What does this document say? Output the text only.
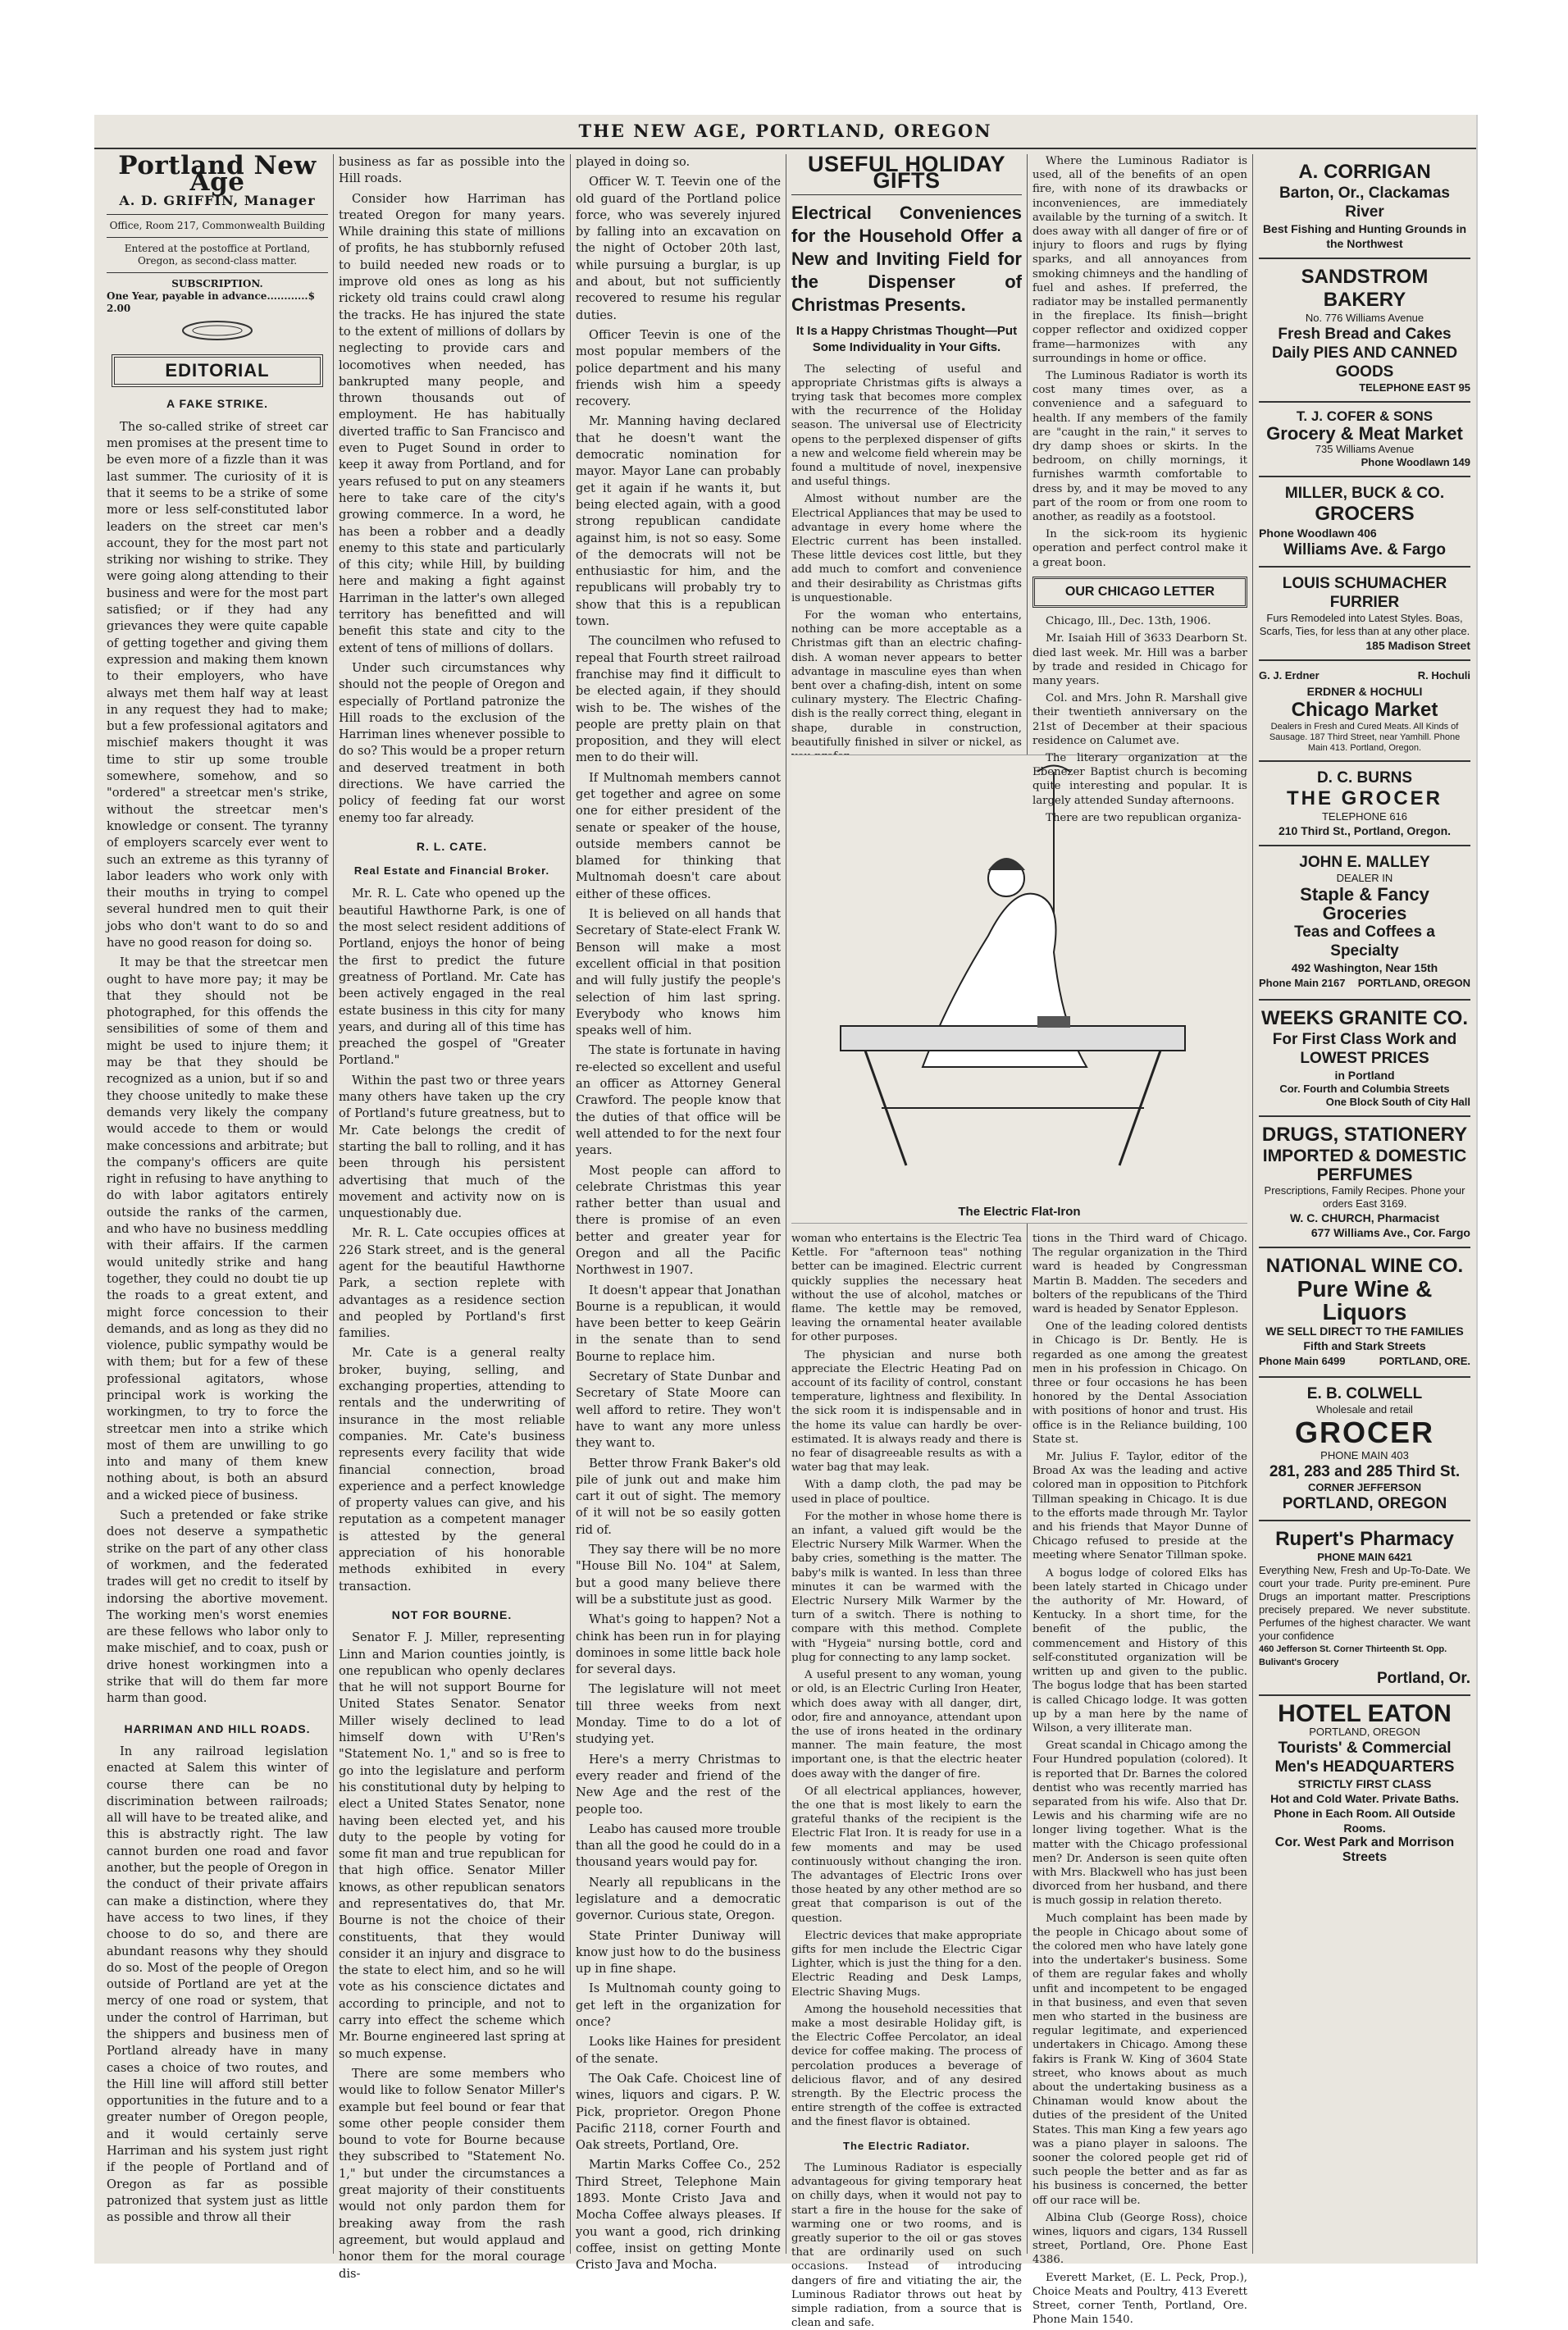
THE NEW AGE, PORTLAND, OREGON
Portland New Age
A. D. GRIFFIN, Manager
Office, Room 217, Commonwealth Building
Entered at the postoffice at Portland, Oregon, as second-class matter.
SUBSCRIPTION.
One Year, payable in advance............$ 2.00
EDITORIAL
A FAKE STRIKE.

The so-called strike of street car men promises at the present time to be even more of a fizzle than it was last summer. The curiosity of it is that it seems to be a strike of some more or less self-constituted labor leaders on the street car men's account, they for the most part not striking nor wishing to strike. They were going along attending to their business and were for the most part satisfied; or if they had any grievances they were quite capable of getting together and giving them expression and making them known to their employers, who have always met them half way at least in any request they had to make; but a few professional agitators and mischief makers thought it was time to stir up some trouble somewhere, somehow, and so "ordered" a streetcar men's strike, without the streetcar men's knowledge or consent. The tyranny of employers scarcely ever went to such an extreme as this tyranny of labor leaders who work only with their mouths in trying to compel several hundred men to quit their jobs who don't want to do so and have no good reason for doing so.

It may be that the streetcar men ought to have more pay; it may be that they should not be photographed, for this offends the sensibilities of some of them and might be used to injure them; it may be that they should be recognized as a union, but if so and they choose unitedly to make these demands very likely the company would accede to them or would make concessions and arbitrate; but the company's officers are quite right in refusing to have anything to do with labor agitators entirely outside the ranks of the carmen, and who have no business meddling with their affairs. If the carmen would unitedly strike and hang together, they could no doubt tie up the roads to a great extent, and might force concession to their demands, and as long as they did no violence, public sympathy would be with them; but for a few of these professional agitators, whose principal work is working the workingmen, to try to force the streetcar men into a strike which most of them are unwilling to go into and many of them knew nothing about, is both an absurd and a wicked piece of business.

Such a pretended or fake strike does not deserve a sympathetic strike on the part of any other class of workmen, and the federated trades will get no credit to itself by indorsing the abortive movement. The working men's worst enemies are these fellows who labor only to make mischief, and to coax, push or drive honest workingmen into a strike that will do them far more harm than good.

HARRIMAN AND HILL ROADS.

In any railroad legislation enacted at Salem this winter of course there can be no discrimination between railroads; all will have to be treated alike, and this is abstractly right. The law cannot burden one road and favor another, but the people of Oregon in the conduct of their private affairs can make a distinction, where they have access to two lines, if they choose to do so, and there are abundant reasons why they should do so. Most of the people of Oregon outside of Portland are yet at the mercy of one road or system, that under the control of Harriman, but the shippers and business men of Portland already have in many cases a choice of two routes, and the Hill line will afford still better opportunities in the future and to a greater number of Oregon people, and it would certainly serve Harriman and his system just right if the people of Portland and of Oregon as far as possible patronized that system just as little as possible and throw all their

business as far as possible into the Hill roads.

Consider how Harriman has treated Oregon for many years. While draining this state of millions of profits, he has stubbornly refused to build needed new roads or to improve old ones as long as his rickety old trains could crawl along the tracks. He has injured the state to the extent of millions of dollars by neglecting to provide cars and locomotives when needed, has bankrupted many people, and thrown thousands out of employment. He has habitually diverted traffic to San Francisco and even to Puget Sound in order to keep it away from Portland, and for years refused to put on any steamers here to take care of the city's growing commerce. In a word, he has been a robber and a deadly enemy to this state and particularly of this city; while Hill, by building here and making a fight against Harriman in the latter's own alleged territory has benefitted and will benefit this state and city to the extent of tens of millions of dollars.

Under such circumstances why should not the people of Oregon and especially of Portland patronize the Hill roads to the exclusion of the Harriman lines whenever possible to do so? This would be a proper return and deserved treatment in both directions. We have carried the policy of feeding fat our worst enemy too far already.

R. L. CATE.
Real Estate and Financial Broker.

Mr. R. L. Cate who opened up the beautiful Hawthorne Park, is one of the most select resident additions of Portland, enjoys the honor of being the first to predict the future greatness of Portland. Mr. Cate has been actively engaged in the real estate business in this city for many years, and during all of this time has preached the gospel of "Greater Portland."

Within the past two or three years many others have taken up the cry of Portland's future greatness, but to Mr. Cate belongs the credit of starting the ball to rolling, and it has been through his persistent advertising that much of the movement and activity now on is unquestionably due.

Mr. R. L. Cate occupies offices at 226 Stark street, and is the general agent for the beautiful Hawthorne Park, a section replete with advantages as a residence section and peopled by Portland's first families.

Mr. Cate is a general realty broker, buying, selling, and exchanging properties, attending to rentals and the underwriting of insurance in the most reliable companies. Mr. Cate's business represents every facility that wide financial connection, broad experience and a perfect knowledge of property values can give, and his reputation as a competent manager is attested by the general appreciation of his honorable methods exhibited in every transaction.

NOT FOR BOURNE.

Senator F. J. Miller, representing Linn and Marion counties jointly, is one republican who openly declares that he will not support Bourne for United States Senator. Senator Miller wisely declined to lead himself down with U'Ren's "Statement No. 1," and so is free to go into the legislature and perform his constitutional duty by helping to elect a United States Senator, none having been elected yet, and his duty to the people by voting for some fit man and true republican for that high office. Senator Miller knows, as other republican senators and representatives do, that Mr. Bourne is not the choice of their constituents, that they would consider it an injury and disgrace to the state to elect him, and so he will vote as his conscience dictates and according to principle, and not to carry into effect the scheme which Mr. Bourne engineered last spring at so much expense.

There are some members who would like to follow Senator Miller's example but feel bound or fear that some other people consider them bound to vote for Bourne because they subscribed to "Statement No. 1," but under the circumstances a great majority of their constituents would not only pardon them for breaking away from the rash agreement, but would applaud and honor them for the moral courage dis-

played in doing so.

Officer W. T. Teevin one of the old guard of the Portland police force, who was severely injured by falling into an excavation on the night of October 20th last, while pursuing a burglar, is up and about, but not sufficiently recovered to resume his regular duties.

Officer Teevin is one of the most popular members of the police department and his many friends wish him a speedy recovery.

Mr. Manning having declared that he doesn't want the democratic nomination for mayor. Mayor Lane can probably get it again if he wants it, but being elected again, with a good strong republican candidate against him, is not so easy. Some of the democrats will not be enthusiastic for him, and the republicans will probably try to show that this is a republican town.

The councilmen who refused to repeal that Fourth street railroad franchise may find it difficult to be elected again, if they should wish to be. The wishes of the people are pretty plain on that proposition, and they will elect men to do their will.

If Multnomah members cannot get together and agree on some one for either president of the senate or speaker of the house, outside members cannot be blamed for thinking that Multnomah doesn't care about either of these offices.

It is believed on all hands that Secretary of State-elect Frank W. Benson will make a most excellent official in that position and will fully justify the people's selection of him last spring. Everybody who knows him speaks well of him.

The state is fortunate in having re-elected so excellent and useful an officer as Attorney General Crawford. The people know that the duties of that office will be well attended to for the next four years.

Most people can afford to celebrate Christmas this year rather better than usual and there is promise of an even better and greater year for Oregon and all the Pacific Northwest in 1907.

It doesn't appear that Jonathan Bourne is a republican, it would have been better to keep Geärin in the senate than to send Bourne to replace him.

Secretary of State Dunbar and Secretary of State Moore can well afford to retire. They won't have to want any more unless they want to.

Better throw Frank Baker's old pile of junk out and make him cart it out of sight. The memory of it will not be so easily gotten rid of.

They say there will be no more "House Bill No. 104" at Salem, but a good many believe there will be a substitute just as good.

What's going to happen? Not a chink has been run in for playing dominoes in some little back hole for several days.

The legislature will not meet till three weeks from next Monday. Time to do a lot of studying yet.

Here's a merry Christmas to every reader and friend of the New Age and the rest of the people too.

Leabo has caused more trouble than all the good he could do in a thousand years would pay for.

Nearly all republicans in the legislature and a democratic governor. Curious state, Oregon.

State Printer Duniway will know just how to do the business up in fine shape.

Is Multnomah county going to get left in the organization for once?

Looks like Haines for president of the senate.

The Oak Cafe. Choicest line of wines, liquors and cigars. P. W. Pick, proprietor. Oregon Phone Pacific 2118, corner Fourth and Oak streets, Portland, Ore.

Martin Marks Coffee Co., 252 Third Street, Telephone Main 1893. Monte Cristo Java and Mocha Coffee always pleases. If you want a good, rich drinking coffee, insist on getting Monte Cristo Java and Mocha.

USEFUL HOLIDAY GIFTS
Electrical Conveniences for the Household Offer a New and Inviting Field for the Dispenser of Christmas Presents.
It Is a Happy Christmas Thought—Put Some Individuality in Your Gifts.

The selecting of useful and appropriate Christmas gifts is always a trying task that becomes more complex with the recurrence of the Holiday season. The universal use of Electricity opens to the perplexed dispenser of gifts a new and welcome field wherein may be found a multitude of novel, inexpensive and useful things.

Almost without number are the Electrical Appliances that may be used to advantage in every home where the Electric current has been installed. These little devices cost little, but they add much to comfort and convenience and their desirability as Christmas gifts is unquestionable.

For the woman who entertains, nothing can be more acceptable as a Christmas gift than an electric chafing-dish. A woman never appears to better advantage in masculine eyes than when bent over a chafing-dish, intent on some culinary mystery. The Electric Chafing-dish is the really correct thing, elegant in shape, durable in construction, beautifully finished in silver or nickel, as

The Electric Flat-Iron

woman who entertains is the Electric Tea Kettle. For "afternoon teas" nothing better can be imagined. Electric current quickly supplies the necessary heat without the use of alcohol, matches or flame. The kettle may be removed, leaving the ornamental heater available for other purposes.

The physician and nurse both appreciate the Electric Heating Pad on account of its facility of control, constant temperature, lightness and flexibility. In the sick room it is indispensable and in the home its value can hardly be over-estimated. It is always ready and there is no fear of disagreeable results as with a water bag that may leak.

With a damp cloth, the pad may be used in place of poultice.

For the mother in whose home there is an infant, a valued gift would be the Electric Nursery Milk Warmer. When the baby cries, something is the matter. The baby's milk is wanted. In less than three minutes it can be warmed with the Electric Nursery Milk Warmer by the turn of a switch. There is nothing to compare with this method. Complete with "Hygeia" nursing bottle, cord and plug for connecting to any lamp socket.

A useful present to any woman, young or old, is an Electric Curling Iron Heater, which does away with all danger, dirt, odor, fire and annoyance, attendant upon the use of irons heated in the ordinary manner. The main feature, the most important one, is that the electric heater does away with the danger of fire.

Of all electrical appliances, however, the one that is most likely to earn the grateful thanks of the recipient is the Electric Flat Iron. It is ready for use in a few moments and may be used continuously without changing the iron. The advantages of Electric Irons over those heated by any other method are so great that comparison is out of the question.

Electric devices that make appropriate gifts for men include the Electric Cigar Lighter, which is just the thing for a den. Electric Reading and Desk Lamps, Electric Shaving Mugs.

Among the household necessities that make a most desirable Holiday gift, is the Electric Coffee Percolator, an ideal device for coffee making. The process of percolation produces a beverage of delicious flavor, and of any desired strength. By the Electric process the entire strength of the coffee is extracted and the finest flavor is obtained.

The Electric Radiator.

The Luminous Radiator is especially advantageous for giving temporary heat on chilly days, when it would not pay to start a fire in the house for the sake of warming one or two rooms, and is greatly superior to the oil or gas stoves that are ordinarily used on such occasions. Instead of introducing dangers of fire and vitiating the air, the Luminous Radiator throws out heat by simple radiation, from a source that is clean and safe.

Where the Luminous Radiator is used, all of the benefits of an open fire, with none of its drawbacks or inconveniences, are immediately available by the turning of a switch. It does away with all danger of fire or of injury to floors and rugs by flying sparks, and all annoyances from smoking chimneys and the handling of fuel and ashes. If preferred, the radiator may be installed permanently in the fireplace. Its finish—bright copper reflector and oxidized copper frame—harmonizes with any surroundings in home or office.

The Luminous Radiator is worth its cost many times over, as a convenience and a safeguard to health. If any members of the family are "caught in the rain," it serves to dry damp shoes or skirts. In the bedroom, on chilly mornings, it furnishes warmth comfortable to dress by, and it may be moved to any part of the room or from one room to another, as readily as a footstool.

In the sick-room its hygienic operation and perfect control make it a great boon.

OUR CHICAGO LETTER

Chicago, Ill., Dec. 13th, 1906.

Mr. Isaiah Hill of 3633 Dearborn St. died last week. Mr. Hill was a barber by trade and resided in Chicago for many years.

Col. and Mrs. John R. Marshall give their twentieth anniversary on the 21st of December at their spacious residence on Calumet ave.

The literary organization at the Ebenezer Baptist church is becoming quite interesting and popular. It is largely attended Sunday afternoons.

There are two republican organiza-

tions in the Third ward of Chicago. The regular organization in the Third ward is headed by Congressman Martin B. Madden. The seceders and bolters of the republicans of the Third ward is headed by Senator Eppleson.

One of the leading colored dentists in Chicago is Dr. Bently. He is regarded as one among the greatest men in his profession in Chicago. On three or four occasions he has been honored by the Dental Association with positions of honor and trust. His office is in the Reliance building, 100 State st.

Mr. Julius F. Taylor, editor of the Broad Ax was the leading and active colored man in opposition to Pitchfork Tillman speaking in Chicago. It is due to the efforts made through Mr. Taylor and his friends that Mayor Dunne of Chicago refused to preside at the meeting where Senator Tillman spoke.

A bogus lodge of colored Elks has been lately started in Chicago under the authority of Mr. Howard, of Kentucky. In a short time, for the benefit of the public, the commencement and History of this self-constituted organization will be written up and given to the public. The bogus lodge that has been started is called Chicago lodge. It was gotten up by a man here by the name of Wilson, a very illiterate man.

Great scandal in Chicago among the Four Hundred population (colored). It is reported that Dr. Barnes the colored dentist who was recently married has separated from his wife. Also that Dr. Lewis and his charming wife are no longer living together. What is the matter with the Chicago professional men? Dr. Anderson is seen quite often with Mrs. Blackwell who has just been divorced from her husband, and there is much gossip in relation thereto.

Much complaint has been made by the people in Chicago about some of the colored men who have lately gone into the undertaker's business. Some of them are regular fakes and wholly unfit and incompetent to be engaged in that business, and even that seven men who started in the business are regular legitimate, and experienced undertakers in Chicago. Among these fakirs is Frank W. King of 3604 State street, who knows about as much about the undertaking business as a Chinaman would know about the duties of the president of the United States. This man King a few years ago was a piano player in saloons. The sooner the colored people get rid of such people the better and as far as his business is concerned, the better off our race will be.

Albina Club (George Ross), choice wines, liquors and cigars, 134 Russell street, Portland, Ore. Phone East 4386.

Everett Market, (E. L. Peck, Prop.), Choice Meats and Poultry, 413 Everett Street, corner Tenth, Portland, Ore. Phone Main 1540.

A. CORRIGAN
Barton, Or., Clackamas River
Best Fishing and Hunting Grounds in the Northwest
SANDSTROM BAKERY
No. 776 Williams Avenue
Fresh Bread and Cakes Daily PIES AND CANNED GOODS
TELEPHONE EAST 95
T. J. COFER & SONS
Grocery & Meat Market
735 Williams Avenue
Phone Woodlawn 149
MILLER, BUCK & CO.
GROCERS
Phone Woodlawn 406
Williams Ave. & Fargo
LOUIS SCHUMACHER
FURRIER
Furs Remodeled into Latest Styles. Boas, Scarfs, Ties, for less than at any other place.
185 Madison Street
G. J. Erdner	R. Hochuli
ERDNER & HOCHULI
Chicago Market
Dealers in Fresh and Cured Meats. All Kinds of Sausage. 187 Third Street, near Yamhill. Phone Main 413. Portland, Oregon.
D. C. BURNS
THE GROCER
TELEPHONE 616
210 Third St., Portland, Oregon.
JOHN E. MALLEY
DEALER IN
Staple & Fancy Groceries
Teas and Coffees a Specialty
492 Washington, Near 15th
Phone Main 2167 PORTLAND, OREGON
WEEKS GRANITE CO.
For First Class Work and LOWEST PRICES
in Portland
Cor. Fourth and Columbia Streets
One Block South of City Hall
DRUGS, STATIONERY
IMPORTED & DOMESTIC PERFUMES
Prescriptions, Family Recipes. Phone your orders East 3169.
W. C. CHURCH, Pharmacist
677 Williams Ave., Cor. Fargo
NATIONAL WINE CO.
Pure Wine & Liquors
WE SELL DIRECT TO THE FAMILIES
Fifth and Stark Streets
Phone Main 6499	PORTLAND, ORE.
E. B. COLWELL
Wholesale and retail
GROCER
PHONE MAIN 403
281, 283 and 285 Third St.
CORNER JEFFERSON
PORTLAND, OREGON
Rupert's Pharmacy
PHONE MAIN 6421
Everything New, Fresh and Up-To-Date. We court your trade. Purity pre-eminent. Pure Drugs an important matter. Prescriptions precisely prepared. We never substitute. Perfumes of the highest character. We want your confidence
460 Jefferson St. Corner Thirteenth St. Opp. Bulivant's Grocery
Portland, Or.
HOTEL EATON
PORTLAND, OREGON
Tourists' & Commercial Men's HEADQUARTERS
STRICTLY FIRST CLASS
Hot and Cold Water. Private Baths. Phone in Each Room. All Outside Rooms.
Cor. West Park and Morrison Streets
